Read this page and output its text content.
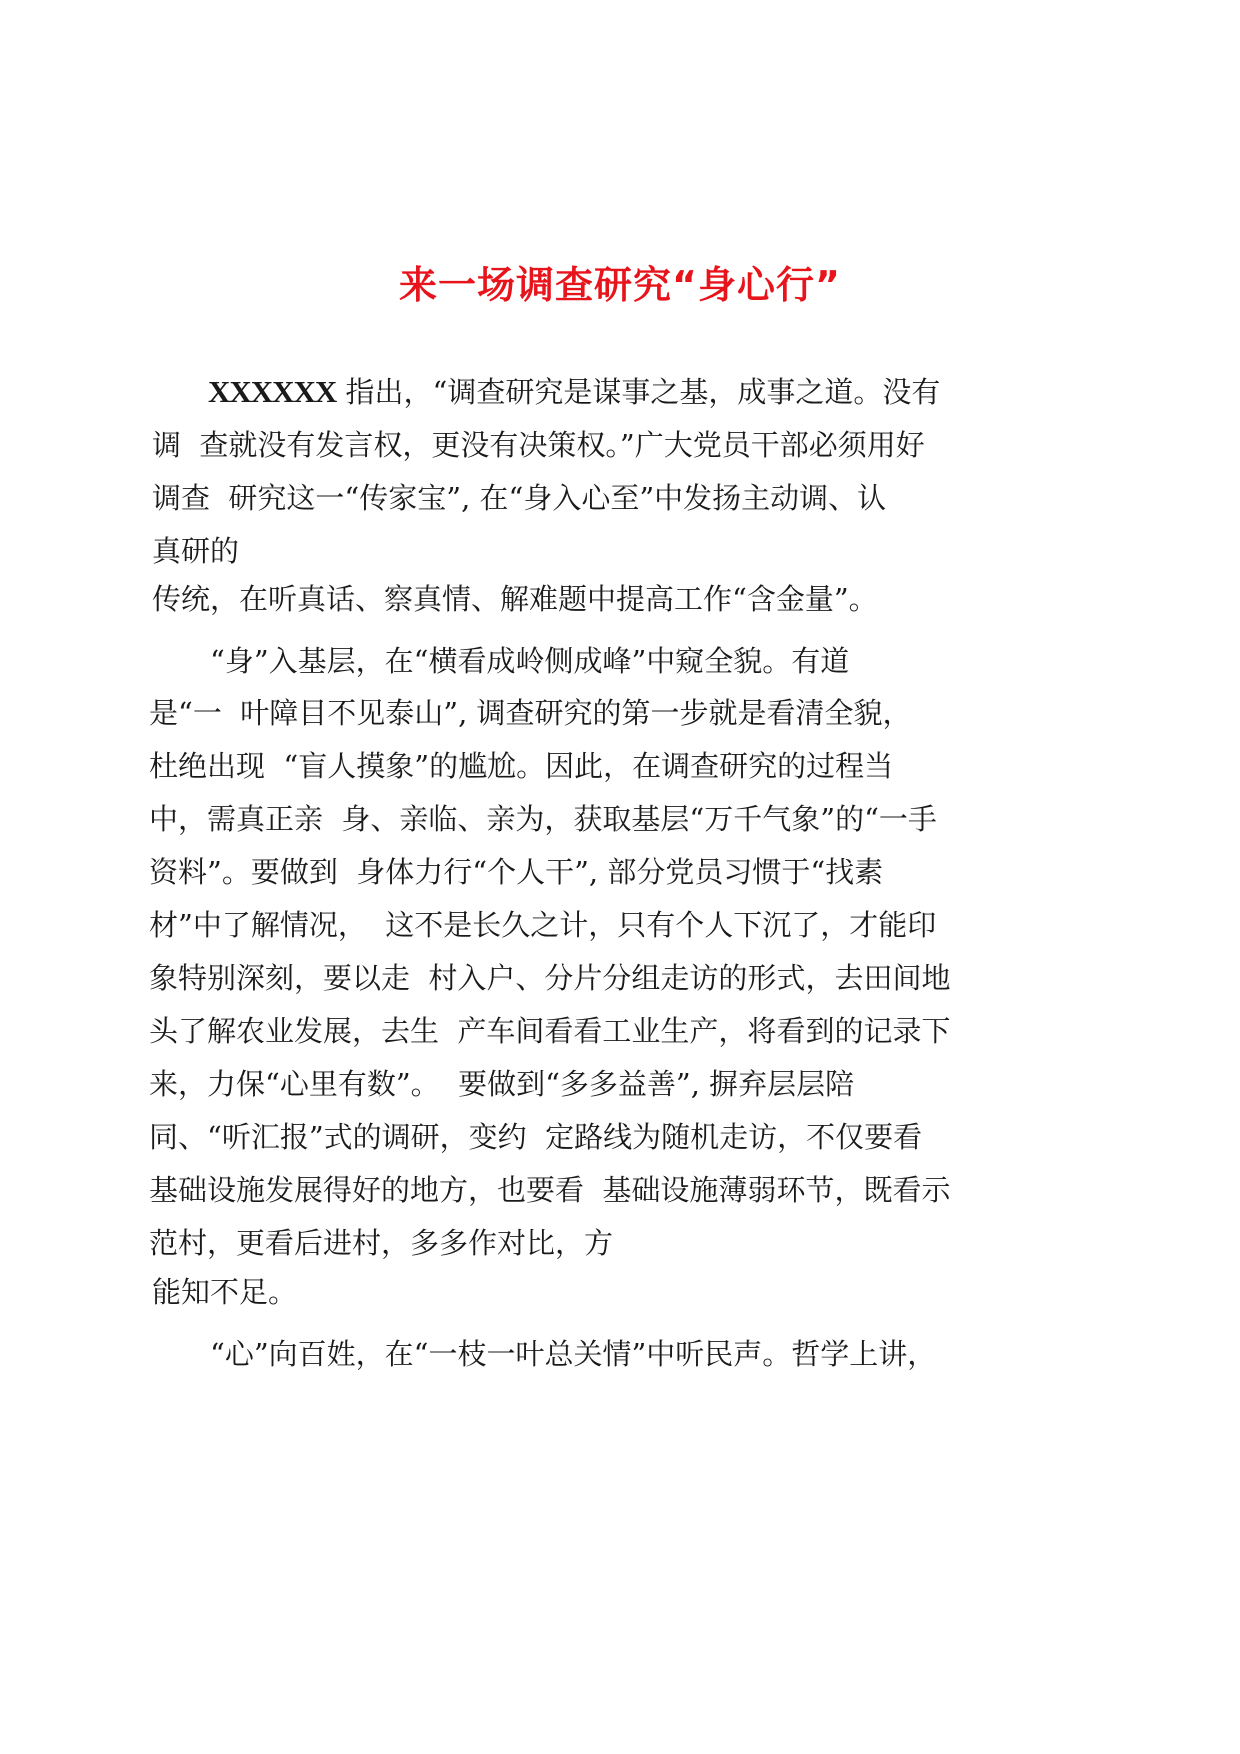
来一场调查研究“身心行”
XXXXXX 指出，“调查研究是谋事之基，成事之道。没有
调  查就没有发言权，更没有决策权。”广大党员干部必须用好
调查  研究这一“传家宝”, 在“身入心至”中发扬主动调、认
真研的
传统，在听真话、察真情、解难题中提高工作“含金量”。
“身”入基层，在“横看成岭侧成峰”中窥全貌。有道
是“一  叶障目不见泰山”, 调查研究的第一步就是看清全貌，
杜绝出现  “盲人摸象”的尴尬。因此，在调查研究的过程当
中，需真正亲  身、亲临、亲为，获取基层“万千气象”的“一手
资料”。要做到  身体力行“个人干”, 部分党员习惯于“找素
材”中了解情况，  这不是长久之计，只有个人下沉了，才能印
象特别深刻，要以走  村入户、分片分组走访的形式，去田间地
头了解农业发展，去生  产车间看看工业生产，将看到的记录下
来，力保“心里有数”。  要做到“多多益善”, 摒弃层层陪
同、“听汇报”式的调研，变约  定路线为随机走访，不仅要看
基础设施发展得好的地方，也要看  基础设施薄弱环节，既看示
范村，更看后进村，多多作对比，方
能知不足。
“心”向百姓，在“一枝一叶总关情”中听民声。哲学上讲，
